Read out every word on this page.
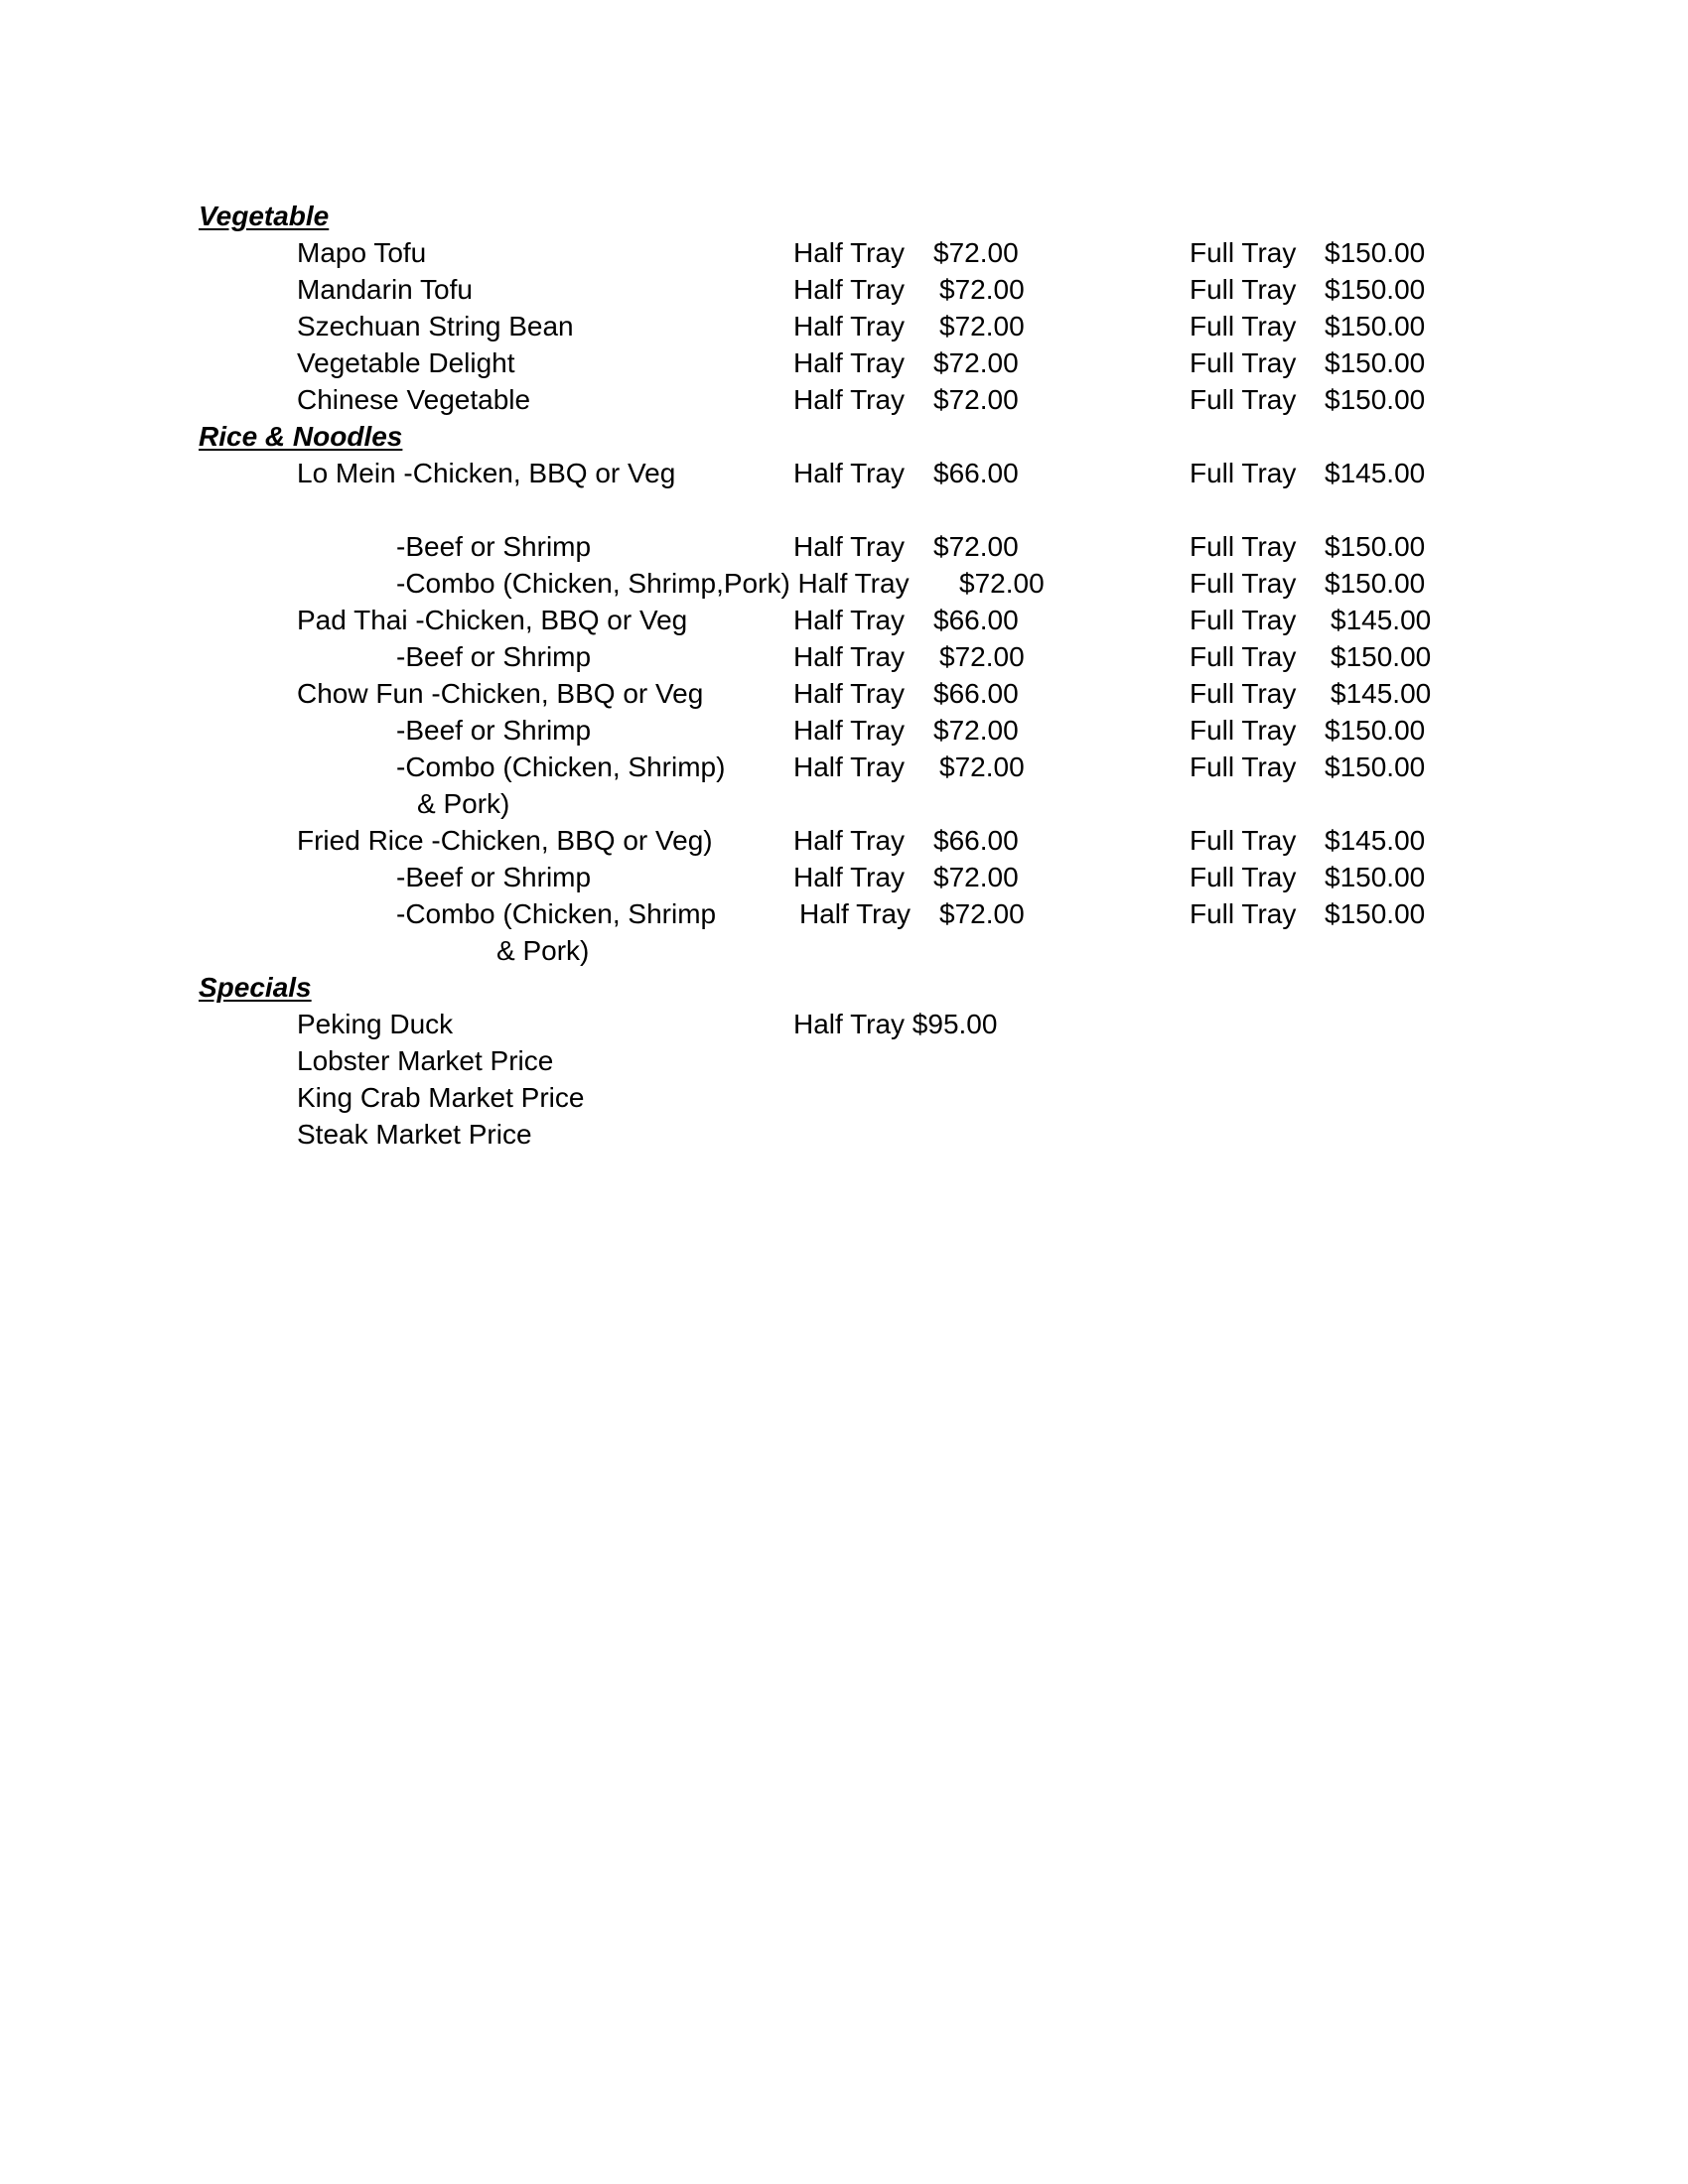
Vegetable
Mapo Tofu	Half Tray $72.00	Full Tray $150.00
Mandarin Tofu	Half Tray $72.00	Full Tray $150.00
Szechuan String Bean	Half Tray $72.00	Full Tray $150.00
Vegetable Delight	Half Tray $72.00	Full Tray $150.00
Chinese Vegetable	Half Tray $72.00	Full Tray $150.00
Rice & Noodles
Lo Mein -Chicken, BBQ or Veg	Half Tray $66.00	Full Tray $145.00
-Beef or Shrimp	Half Tray $72.00	Full Tray $150.00
-Combo (Chicken, Shrimp,Pork) Half Tray $72.00	Full Tray $150.00
Pad Thai -Chicken, BBQ or Veg	Half Tray $66.00	Full Tray $145.00
-Beef or Shrimp	Half Tray $72.00	Full Tray $150.00
Chow Fun -Chicken, BBQ or Veg	Half Tray $66.00	Full Tray $145.00
-Beef or Shrimp	Half Tray $72.00	Full Tray $150.00
-Combo (Chicken, Shrimp) Half Tray $72.00	Full Tray $150.00
& Pork)
Fried Rice -Chicken, BBQ or Veg)	Half Tray $66.00	Full Tray $145.00
-Beef or Shrimp	Half Tray $72.00	Full Tray $150.00
-Combo (Chicken, Shrimp	Half Tray $72.00	Full Tray $150.00
& Pork)
Specials
Peking Duck	Half Tray $95.00
Lobster Market Price
King Crab Market Price
Steak Market Price
